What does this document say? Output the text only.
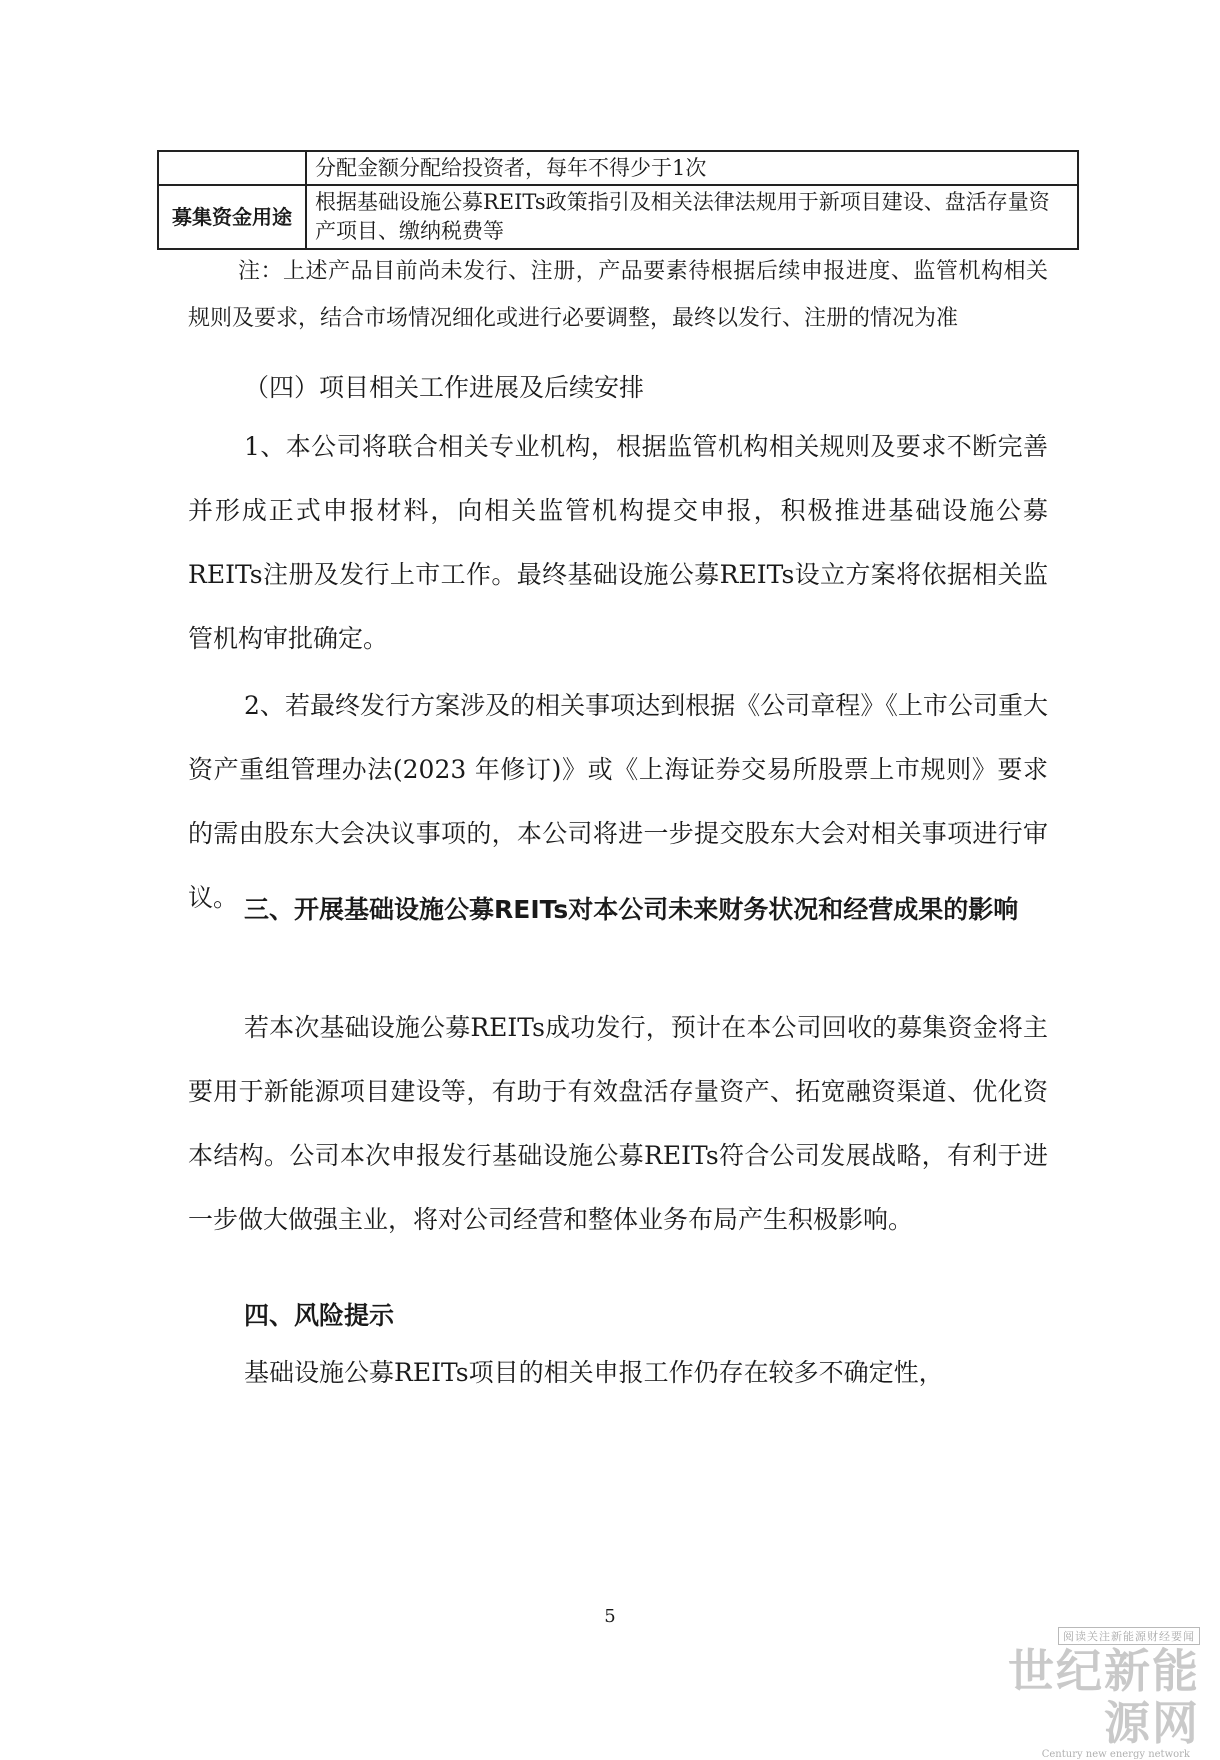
	分配金额分配给投资者，每年不得少于1次
募集资金用途	根据基础设施公募REITs政策指引及相关法律法规用于新项目建设、盘活存量资产项目、缴纳税费等

注：上述产品目前尚未发行、注册，产品要素待根据后续申报进度、监管机构相关规则及要求，结合市场情况细化或进行必要调整，最终以发行、注册的情况为准

（四）项目相关工作进展及后续安排

1、本公司将联合相关专业机构，根据监管机构相关规则及要求不断完善并形成正式申报材料，向相关监管机构提交申报，积极推进基础设施公募REITs注册及发行上市工作。最终基础设施公募REITs设立方案将依据相关监管机构审批确定。

2、若最终发行方案涉及的相关事项达到根据《公司章程》《上市公司重大资产重组管理办法(2023 年修订)》或《上海证券交易所股票上市规则》要求的需由股东大会决议事项的，本公司将进一步提交股东大会对相关事项进行审议。 三、开展基础设施公募REITs对本公司未来财务状况和经营成果的影响

若本次基础设施公募REITs成功发行，预计在本公司回收的募集资金将主要用于新能源项目建设等，有助于有效盘活存量资产、拓宽融资渠道、优化资本结构。公司本次申报发行基础设施公募REITs符合公司发展战略，有利于进一步做大做强主业，将对公司经营和整体业务布局产生积极影响。

四、风险提示

基础设施公募REITs项目的相关申报工作仍存在较多不确定性，

5
阅读关注新能源财经要闻
世纪新能源网
Century new energy network
